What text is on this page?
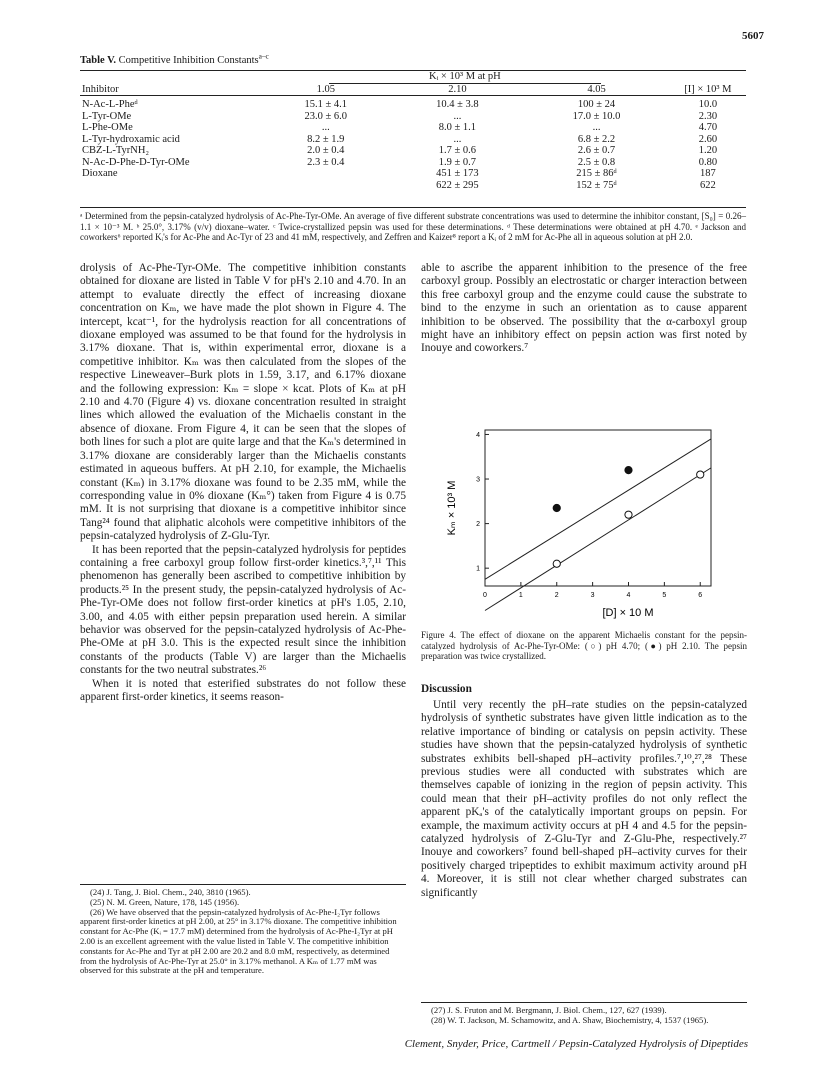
5607
Table V. Competitive Inhibition Constants$^{a-c}$
Inhibitor	Kᵢ × 10³ M at pH			[I] × 10³ M
	1.05	2.10	4.05	
N-Ac-L-Pheᵈ	15.1 ± 4.1	10.4 ± 3.8	100 ± 24	10.0
L-Tyr-OMe	23.0 ± 6.0	...	17.0 ± 10.0	2.30
L-Phe-OMe	...	8.0 ± 1.1	...	4.70
L-Tyr-hydroxamic acid	8.2 ± 1.9	...	6.8 ± 2.2	2.60
CBZ-L-TyrNH₂	2.0 ± 0.4	1.7 ± 0.6	2.6 ± 0.7	1.20
N-Ac-D-Phe-D-Tyr-OMe	2.3 ± 0.4	1.9 ± 0.7	2.5 ± 0.8	0.80
Dioxane		451 ± 173	215 ± 86ᵈ	187
		622 ± 295	152 ± 75ᵈ	622
ᵃ Determined from the pepsin-catalyzed hydrolysis of Ac-Phe-Tyr-OMe. An average of five different substrate concentrations was used to determine the inhibitor constant, [S₀] = 0.26–1.1 × 10⁻³ M. ᵇ 25.0°, 3.17% (v/v) dioxane–water. ᶜ Twice-crystallized pepsin was used for these determinations. ᵈ These determinations were obtained at pH 4.70. ᵉ Jackson and coworkers⁶ reported Kᵢ's for Ac-Phe and Ac-Tyr of 23 and 41 mM, respectively, and Zeffren and Kaizer⁸ report a Kᵢ of 2 mM for Ac-Phe all in aqueous solution at pH 2.0.

drolysis of Ac-Phe-Tyr-OMe. The competitive inhibition constants obtained for dioxane are listed in Table V for pH's 2.10 and 4.70. In an attempt to evaluate directly the effect of increasing dioxane concentration on Kₘ, we have made the plot shown in Figure 4. The intercept, kcat⁻¹, for the hydrolysis reaction for all concentrations of dioxane employed was assumed to be that found for the hydrolysis in 3.17% dioxane. That is, within experimental error, dioxane is a competitive inhibitor. Kₘ was then calculated from the slopes of the respective Lineweaver–Burk plots in 1.59, 3.17, and 6.17% dioxane and the following expression: Kₘ = slope × kcat. Plots of Kₘ at pH 2.10 and 4.70 (Figure 4) vs. dioxane concentration resulted in straight lines which allowed the evaluation of the Michaelis constant in the absence of dioxane. From Figure 4, it can be seen that the slopes of both lines for such a plot are quite large and that the Kₘ's determined in 3.17% dioxane are considerably larger than the Michaelis constants estimated in aqueous buffers. At pH 2.10, for example, the Michaelis constant (Kₘ) in 3.17% dioxane was found to be 2.35 mM, while the corresponding value in 0% dioxane (Kₘ°) taken from Figure 4 is 0.75 mM. It is not surprising that dioxane is a competitive inhibitor since Tang²⁴ found that aliphatic alcohols were competitive inhibitors of the pepsin-catalyzed hydrolysis of Z-Glu-Tyr.

It has been reported that the pepsin-catalyzed hydrolysis for peptides containing a free carboxyl group follow first-order kinetics.³,⁷,¹¹ This phenomenon has generally been ascribed to competitive inhibition by products.²⁵ In the present study, the pepsin-catalyzed hydrolysis of Ac-Phe-Tyr-OMe does not follow first-order kinetics at pH's 1.05, 2.10, 3.00, and 4.05 with either pepsin preparation used herein. A similar behavior was observed for the pepsin-catalyzed hydrolysis of Ac-Phe-Phe-OMe at pH 3.0. This is the expected result since the inhibition constants of the products (Table V) are larger than the Michaelis constants for the two neutral substrates.²⁶

When it is noted that esterified substrates do not follow these apparent first-order kinetics, it seems reason-

(24) J. Tang, J. Biol. Chem., 240, 3810 (1965).
(25) N. M. Green, Nature, 178, 145 (1956).
(26) We have observed that the pepsin-catalyzed hydrolysis of Ac-Phe-I₂Tyr follows apparent first-order kinetics at pH 2.00, at 25° in 3.17% dioxane. The competitive inhibition constant for Ac-Phe (Kᵢ = 17.7 mM) determined from the hydrolysis of Ac-Phe-I₂Tyr at pH 2.00 is an excellent agreement with the value listed in Table V. The competitive inhibition constants for Ac-Phe and Tyr at pH 2.00 are 20.2 and 8.0 mM, respectively, as determined from the hydrolysis of Ac-Phe-Tyr at 25.0° in 3.17% methanol. A Kₘ of 1.77 mM was observed for this substrate at the pH and temperature.
able to ascribe the apparent inhibition to the presence of the free carboxyl group. Possibly an electrostatic or charger interaction between this free carboxyl group and the enzyme could cause the substrate to bind to the enzyme in such an orientation as to cause apparent inhibition to be observed. The possibility that the α-carboxyl group might have an inhibitory effect on pepsin action was first noted by Inouye and coworkers.⁷
0	1	2	3	4	5	6
1
2
3
4
[D] × 10 M
Kₘ × 10³ M
Figure 4. The effect of dioxane on the apparent Michaelis constant for the pepsin-catalyzed hydrolysis of Ac-Phe-Tyr-OMe: (○) pH 4.70; (●) pH 2.10. The pepsin preparation was twice crystallized.
Discussion

Until very recently the pH–rate studies on the pepsin-catalyzed hydrolysis of synthetic substrates have given little indication as to the relative importance of binding or catalysis on pepsin activity. These studies have shown that the pepsin-catalyzed hydrolysis of synthetic substrates exhibits bell-shaped pH–activity profiles.⁷,¹⁰,²⁷,²⁸ These previous studies were all conducted with substrates which are themselves capable of ionizing in the region of pepsin activity. This could mean that their pH–activity profiles do not only reflect the apparent pKₐ's of the catalytically important groups on pepsin. For example, the maximum activity occurs at pH 4 and 4.5 for the pepsin-catalyzed hydrolysis of Z-Glu-Tyr and Z-Glu-Phe, respectively.²⁷ Inouye and coworkers⁷ found bell-shaped pH–activity curves for their positively charged tripeptides to exhibit maximum activity around pH 4. Moreover, it is still not clear whether charged substrates can significantly

(27) J. S. Fruton and M. Bergmann, J. Biol. Chem., 127, 627 (1939).
(28) W. T. Jackson, M. Schamowitz, and A. Shaw, Biochemistry, 4, 1537 (1965).
Clement, Snyder, Price, Cartmell / Pepsin-Catalyzed Hydrolysis of Dipeptides
